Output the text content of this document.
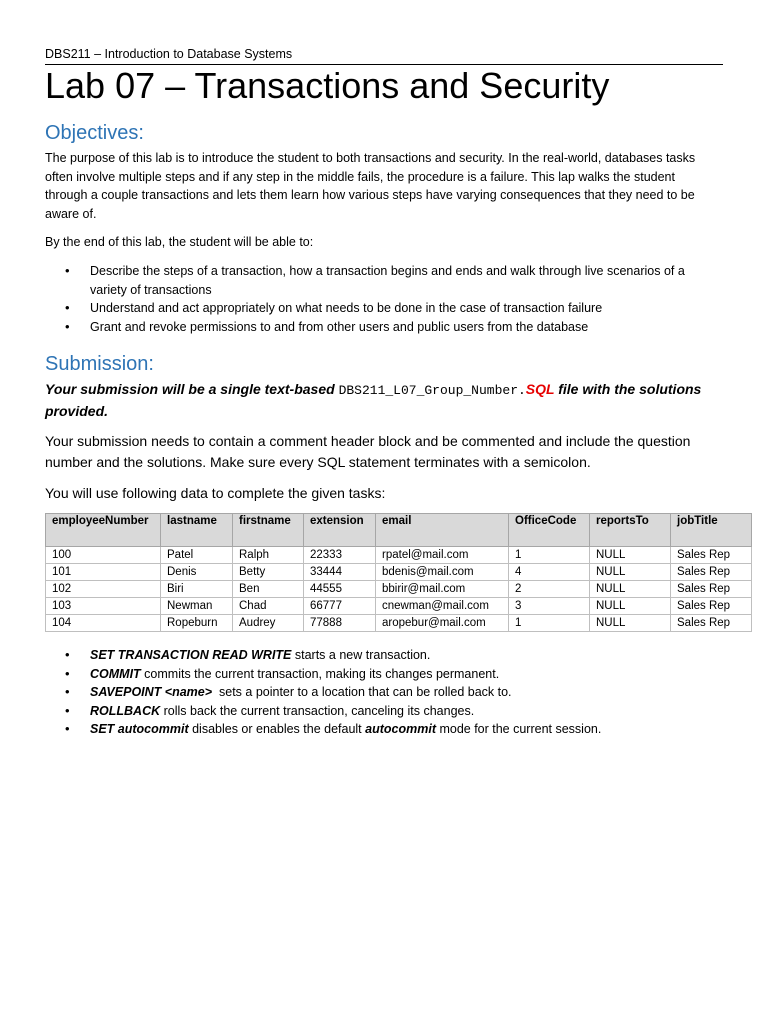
DBS211 – Introduction to Database Systems
Lab 07 – Transactions and Security
Objectives:
The purpose of this lab is to introduce the student to both transactions and security. In the real-world, databases tasks
often involve multiple steps and if any step in the middle fails, the procedure is a failure. This lap walks the student
through a couple transactions and lets them learn how various steps have varying consequences that they need to be
aware of.
By the end of this lab, the student will be able to:
• Describe the steps of a transaction, how a transaction begins and ends and walk through live scenarios of a
variety of transactions
• Understand and act appropriately on what needs to be done in the case of transaction failure
• Grant and revoke permissions to and from other users and public users from the database
Submission:
Your submission will be a single text-based DBS211_L07_Group_Number.SQL file with the solutions
provided.
Your submission needs to contain a comment header block and be commented and include the question
number and the solutions. Make sure every SQL statement terminates with a semicolon.
You will use following data to complete the given tasks:
employeeNumber	lastname	firstname	extension	email	OfficeCode	reportsTo	jobTitle
100	Patel	Ralph	22333	rpatel@mail.com	1	NULL	Sales Rep
101	Denis	Betty	33444	bdenis@mail.com	4	NULL	Sales Rep
102	Biri	Ben	44555	bbirir@mail.com	2	NULL	Sales Rep
103	Newman	Chad	66777	cnewman@mail.com	3	NULL	Sales Rep
104	Ropeburn	Audrey	77888	aropebur@mail.com	1	NULL	Sales Rep
• SET TRANSACTION READ WRITE starts a new transaction.
• COMMIT commits the current transaction, making its changes permanent.
• SAVEPOINT <name>  sets a pointer to a location that can be rolled back to.
• ROLLBACK rolls back the current transaction, canceling its changes.
• SET autocommit disables or enables the default autocommit mode for the current session.
